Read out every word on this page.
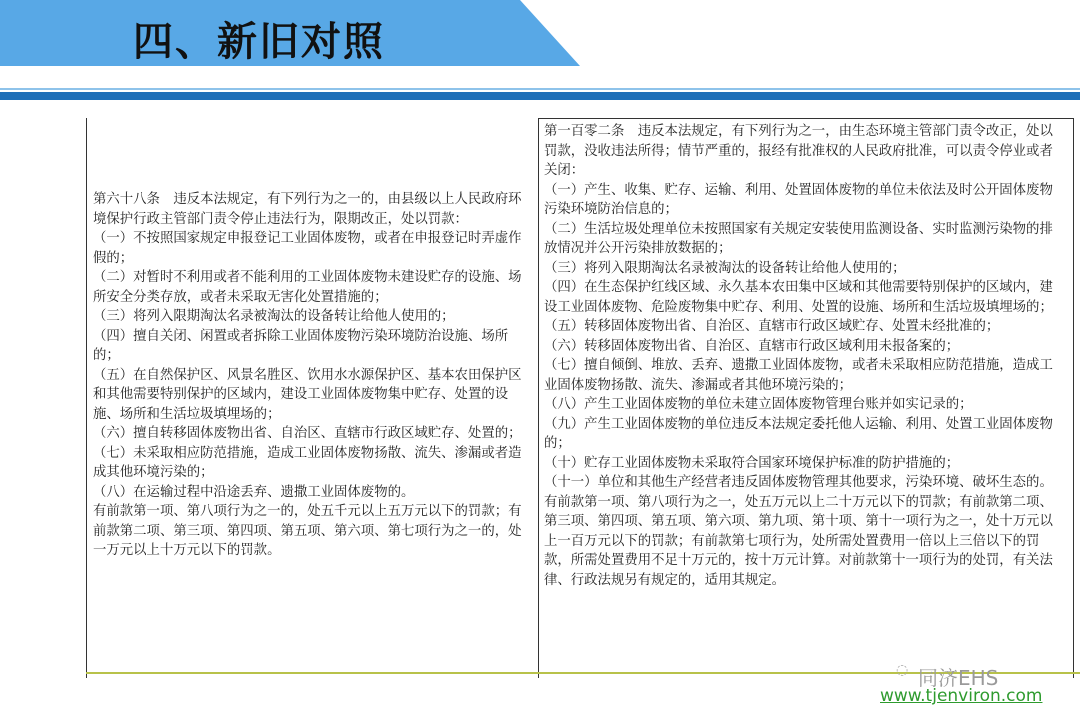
四、新旧对照
第六十八条　违反本法规定，有下列行为之一的，由县级以上人民政府环境保护行政主管部门责令停止违法行为，限期改正，处以罚款：
（一）不按照国家规定申报登记工业固体废物，或者在申报登记时弄虚作假的；
（二）对暂时不利用或者不能利用的工业固体废物未建设贮存的设施、场所安全分类存放，或者未采取无害化处置措施的；
（三）将列入限期淘汰名录被淘汰的设备转让给他人使用的；
（四）擅自关闭、闲置或者拆除工业固体废物污染环境防治设施、场所的；
（五）在自然保护区、风景名胜区、饮用水水源保护区、基本农田保护区和其他需要特别保护的区域内，建设工业固体废物集中贮存、处置的设施、场所和生活垃圾填埋场的；
（六）擅自转移固体废物出省、自治区、直辖市行政区域贮存、处置的；
（七）未采取相应防范措施，造成工业固体废物扬散、流失、渗漏或者造成其他环境污染的；
（八）在运输过程中沿途丢弃、遗撒工业固体废物的。
有前款第一项、第八项行为之一的，处五千元以上五万元以下的罚款；有前款第二项、第三项、第四项、第五项、第六项、第七项行为之一的，处一万元以上十万元以下的罚款。
第一百零二条　违反本法规定，有下列行为之一，由生态环境主管部门责令改正，处以罚款，没收违法所得；情节严重的，报经有批准权的人民政府批准，可以责令停业或者关闭：
（一）产生、收集、贮存、运输、利用、处置固体废物的单位未依法及时公开固体废物污染环境防治信息的；
（二）生活垃圾处理单位未按照国家有关规定安装使用监测设备、实时监测污染物的排放情况并公开污染排放数据的；
（三）将列入限期淘汰名录被淘汰的设备转让给他人使用的；
（四）在生态保护红线区域、永久基本农田集中区域和其他需要特别保护的区域内，建设工业固体废物、危险废物集中贮存、利用、处置的设施、场所和生活垃圾填埋场的；
（五）转移固体废物出省、自治区、直辖市行政区域贮存、处置未经批准的；
（六）转移固体废物出省、自治区、直辖市行政区域利用未报备案的；
（七）擅自倾倒、堆放、丢弃、遗撒工业固体废物，或者未采取相应防范措施，造成工业固体废物扬散、流失、渗漏或者其他环境污染的；
（八）产生工业固体废物的单位未建立固体废物管理台账并如实记录的；
（九）产生工业固体废物的单位违反本法规定委托他人运输、利用、处置工业固体废物的；
（十）贮存工业固体废物未采取符合国家环境保护标准的防护措施的；
（十一）单位和其他生产经营者违反固体废物管理其他要求，污染环境、破坏生态的。
有前款第一项、第八项行为之一，处五万元以上二十万元以下的罚款；有前款第二项、第三项、第四项、第五项、第六项、第九项、第十项、第十一项行为之一，处十万元以上一百万元以下的罚款；有前款第七项行为，处所需处置费用一倍以上三倍以下的罚款，所需处置费用不足十万元的，按十万元计算。对前款第十一项行为的处罚，有关法律、行政法规另有规定的，适用其规定。
◌ 同济EHS
www.tjenviron.com
